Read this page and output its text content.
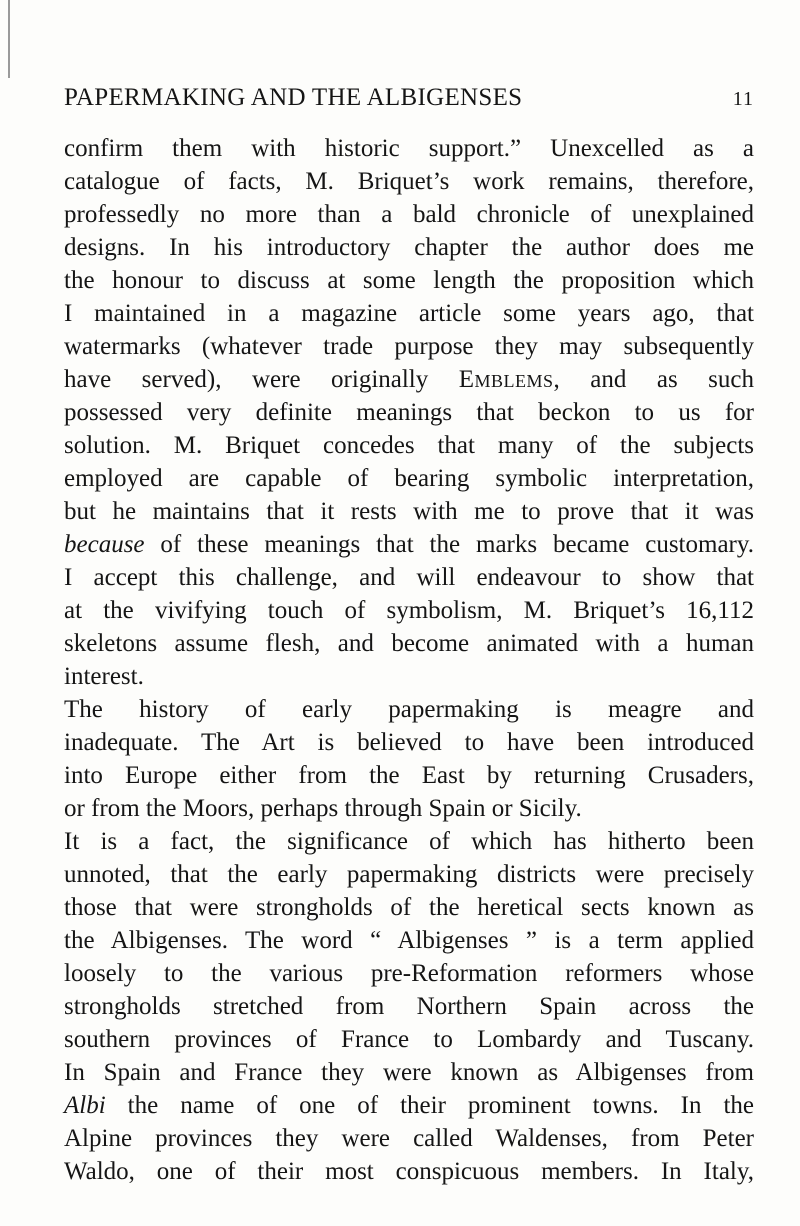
PAPERMAKING AND THE ALBIGENSES	11
confirm them with historic support.” Unexcelled as a
catalogue of facts, M. Briquet’s work remains, therefore,
professedly no more than a bald chronicle of unexplained
designs. In his introductory chapter the author does me
the honour to discuss at some length the proposition which
I maintained in a magazine article some years ago, that
watermarks (whatever trade purpose they may subsequently
have served), were originally Emblems, and as such
possessed very definite meanings that beckon to us for
solution. M. Briquet concedes that many of the subjects
employed are capable of bearing symbolic interpretation,
but he maintains that it rests with me to prove that it was
because of these meanings that the marks became customary.
I accept this challenge, and will endeavour to show that
at the vivifying touch of symbolism, M. Briquet’s 16,112
skeletons assume flesh, and become animated with a human
interest.
The history of early papermaking is meagre and
inadequate. The Art is believed to have been introduced
into Europe either from the East by returning Crusaders,
or from the Moors, perhaps through Spain or Sicily.
It is a fact, the significance of which has hitherto been
unnoted, that the early papermaking districts were precisely
those that were strongholds of the heretical sects known as
the Albigenses. The word “ Albigenses ” is a term applied
loosely to the various pre-Reformation reformers whose
strongholds stretched from Northern Spain across the
southern provinces of France to Lombardy and Tuscany.
In Spain and France they were known as Albigenses from
Albi the name of one of their prominent towns. In the
Alpine provinces they were called Waldenses, from Peter
Waldo, one of their most conspicuous members. In Italy,
